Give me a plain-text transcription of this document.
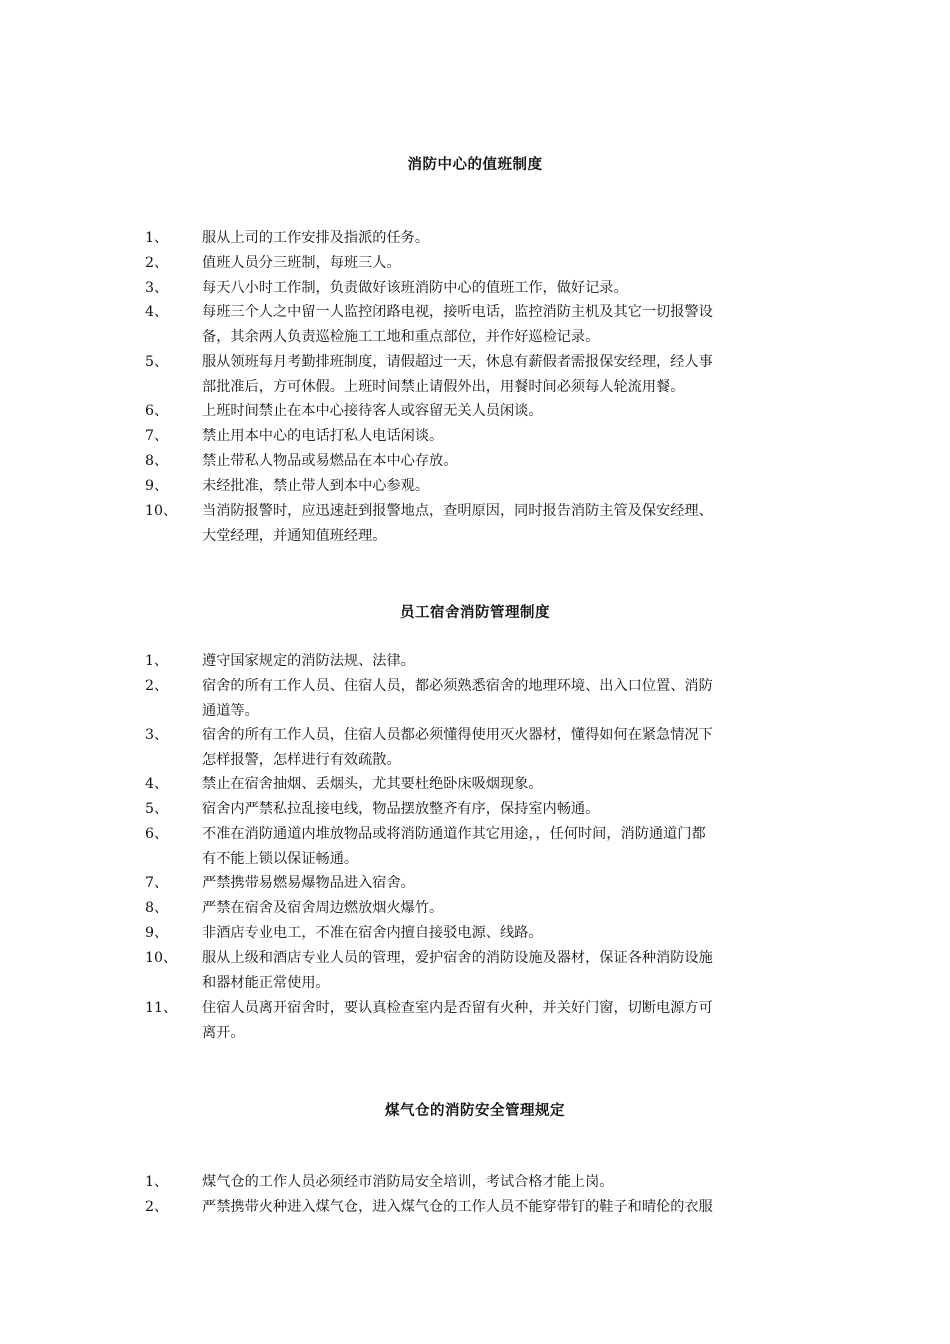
消防中心的值班制度
1、	服从上司的工作安排及指派的任务。
2、	值班人员分三班制，每班三人。
3、	每天八小时工作制，负责做好该班消防中心的值班工作，做好记录。
4、	每班三个人之中留一人监控闭路电视，接听电话，监控消防主机及其它一切报警设
备，其余两人负责巡检施工工地和重点部位，并作好巡检记录。
5、	服从领班每月考勤排班制度，请假超过一天，休息有薪假者需报保安经理，经人事
部批准后，方可休假。上班时间禁止请假外出，用餐时间必须每人轮流用餐。
6、	上班时间禁止在本中心接待客人或容留无关人员闲谈。
7、	禁止用本中心的电话打私人电话闲谈。
8、	禁止带私人物品或易燃品在本中心存放。
9、	未经批准，禁止带人到本中心参观。
10、	当消防报警时，应迅速赶到报警地点，查明原因，同时报告消防主管及保安经理、
大堂经理，并通知值班经理。
员工宿舍消防管理制度
1、	遵守国家规定的消防法规、法律。
2、	宿舍的所有工作人员、住宿人员，都必须熟悉宿舍的地理环境、出入口位置、消防
通道等。
3、	宿舍的所有工作人员，住宿人员都必须懂得使用灭火器材，懂得如何在紧急情况下
怎样报警，怎样进行有效疏散。
4、	禁止在宿舍抽烟、丢烟头，尤其要杜绝卧床吸烟现象。
5、	宿舍内严禁私拉乱接电线，物品摆放整齐有序，保持室内畅通。
6、	不准在消防通道内堆放物品或将消防通道作其它用途，，任何时间，消防通道门都
有不能上锁以保证畅通。
7、	严禁携带易燃易爆物品进入宿舍。
8、	严禁在宿舍及宿舍周边燃放烟火爆竹。
9、	非酒店专业电工，不准在宿舍内擅自接驳电源、线路。
10、	服从上级和酒店专业人员的管理，爱护宿舍的消防设施及器材，保证各种消防设施
和器材能正常使用。
11、	住宿人员离开宿舍时，要认真检查室内是否留有火种，并关好门窗，切断电源方可
离开。
煤气仓的消防安全管理规定
1、	煤气仓的工作人员必须经市消防局安全培训，考试合格才能上岗。
2、	严禁携带火种进入煤气仓，进入煤气仓的工作人员不能穿带钉的鞋子和晴伦的衣服
